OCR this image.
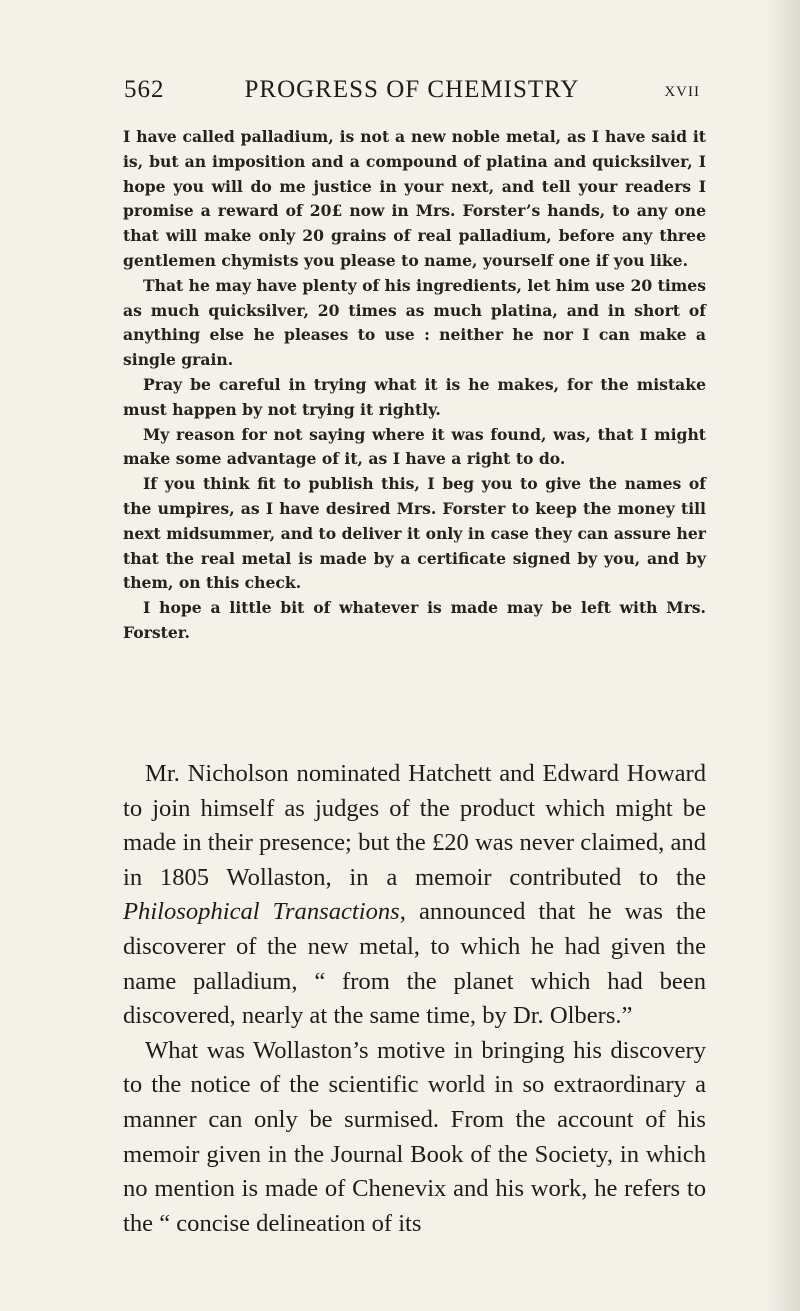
562	PROGRESS OF CHEMISTRY	XVII

I have called palladium, is not a new noble metal, as I have said it is, but an imposition and a compound of platina and quicksilver, I hope you will do me justice in your next, and tell your readers I promise a reward of 20£ now in Mrs. Forster’s hands, to any one that will make only 20 grains of real palladium, before any three gentlemen chymists you please to name, yourself one if you like.

That he may have plenty of his ingredients, let him use 20 times as much quicksilver, 20 times as much platina, and in short of anything else he pleases to use : neither he nor I can make a single grain.

Pray be careful in trying what it is he makes, for the mistake must happen by not trying it rightly.

My reason for not saying where it was found, was, that I might make some advantage of it, as I have a right to do.

If you think fit to publish this, I beg you to give the names of the umpires, as I have desired Mrs. Forster to keep the money till next midsummer, and to deliver it only in case they can assure her that the real metal is made by a certificate signed by you, and by them, on this check.

I hope a little bit of whatever is made may be left with Mrs. Forster.

Mr. Nicholson nominated Hatchett and Edward Howard to join himself as judges of the product which might be made in their presence; but the £20 was never claimed, and in 1805 Wollaston, in a memoir contributed to the Philosophical Transactions, announced that he was the discoverer of the new metal, to which he had given the name palladium, “ from the planet which had been discovered, nearly at the same time, by Dr. Olbers.”

What was Wollaston’s motive in bringing his discovery to the notice of the scientific world in so extraordinary a manner can only be surmised. From the account of his memoir given in the Journal Book of the Society, in which no mention is made of Chenevix and his work, he refers to the “ concise delineation of its
